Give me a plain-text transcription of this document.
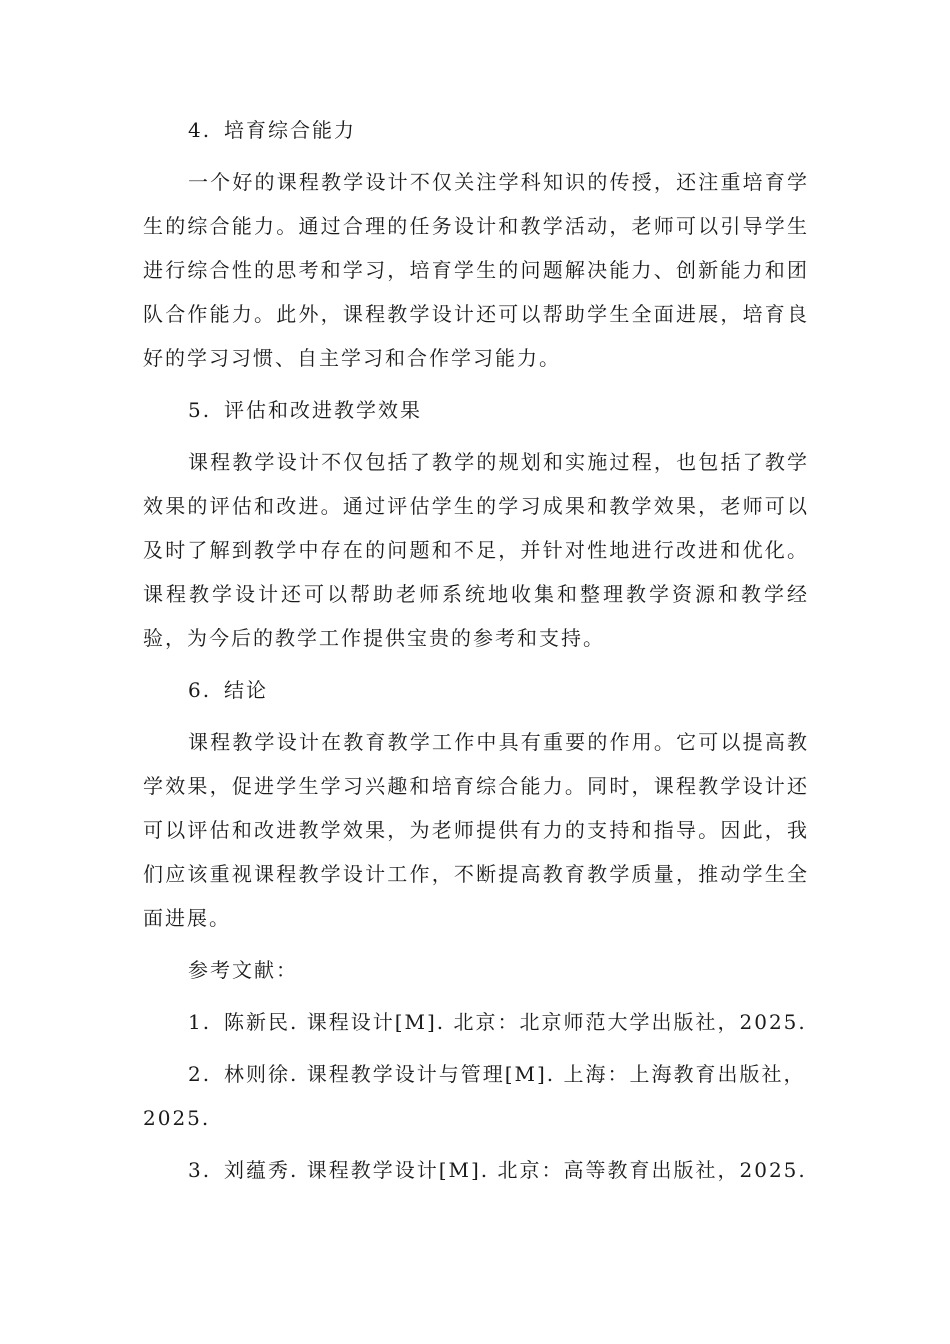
4. 培育综合能力

一个好的课程教学设计不仅关注学科知识的传授，还注重培育学生的综合能力。通过合理的任务设计和教学活动，老师可以引导学生进行综合性的思考和学习，培育学生的问题解决能力、创新能力和团队合作能力。此外，课程教学设计还可以帮助学生全面进展，培育良好的学习习惯、自主学习和合作学习能力。

5. 评估和改进教学效果

课程教学设计不仅包括了教学的规划和实施过程，也包括了教学效果的评估和改进。通过评估学生的学习成果和教学效果，老师可以及时了解到教学中存在的问题和不足，并针对性地进行改进和优化。课程教学设计还可以帮助老师系统地收集和整理教学资源和教学经验，为今后的教学工作提供宝贵的参考和支持。

6. 结论

课程教学设计在教育教学工作中具有重要的作用。它可以提高教学效果，促进学生学习兴趣和培育综合能力。同时，课程教学设计还可以评估和改进教学效果，为老师提供有力的支持和指导。因此，我们应该重视课程教学设计工作，不断提高教育教学质量，推动学生全面进展。

参考文献：

1. 陈新民. 课程设计[M]. 北京：北京师范大学出版社，2025.

2. 林则徐. 课程教学设计与管理[M]. 上海：上海教育出版社，2025.

3. 刘蕴秀. 课程教学设计[M]. 北京：高等教育出版社，2025.
